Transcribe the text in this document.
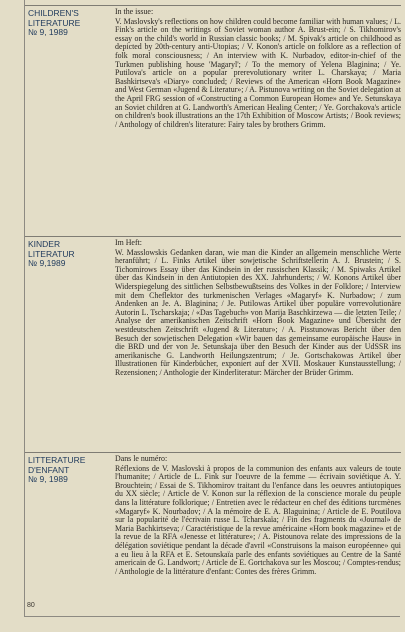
CHILDREN'S
LITERATURE
№ 9, 1989
In the issue:
V. Maslovsky's reflections on how children could become familiar with human values; / L. Fink's article on the writings of Soviet woman author A. Brust-ein; / S. Tikhomirov's essay on the child's world in Russian classic books; / M. Spivak's article on childhood as depicted by 20th-century anti-Utopias; / V. Konon's article on folklore as a reflection of folk moral consciousness; / An interview with K. Nurbadov, editor-in-chief of the Turkmen publishing house 'Magaryl'; / To the memory of Yelena Blaginina; / Ye. Putilova's article on a popular prerevolutionary writer L. Charskaya; / Maria Bashkirtseva's «Diary» concluded; / Reviews of the American «Horn Book Magazine» and West German «Jugend & Literatur»; / A. Pistunova writing on the Soviet delegation at the April FRG session of «Constructing a Common European Home» and Ye. Setunskaya an Soviet children at G. Landworth's American Healing Center; / Ye. Gorchakova's article on children's book illustrations an the 17th Exhibition of Moscow Artists; / Book reviews; / Anthology of children's literature: Fairy tales by brothers Grimm.
KINDER
LITERATUR
№ 9,1989
Im Heft:
W. Masslowskis Gedanken daran, wie man die Kinder an allgemein menschliche Werte heranführt; / L. Finks Artikel über sowjetische Schriftstellerin A. J. Brustein; / S. Tichomirows Essay über das Kindsein in der russischen Klassik; / M. Spiwaks Artikel über das Kindsein in den Antiutopien des XX. Jahrhunderts; / W. Konons Artikel über Widerspiegelung des sittlichen Selbstbewußtseins des Volkes in der Folklore; / Interview mit dem Cheflektor des turkmenischen Verlages «Magaryf» K. Nurbadow; / zum Andenken an Je. A. Blaginina; / Je. Putilowas Artikel über populäre vorrevolutionäre Autorin L. Tscharskaja; / «Das Tagebuch» von Marija Baschkirzewa — die letzten Teile; / Analyse der amerikanischen Zeitschrift «Horn Book Magazine» und Übersicht der westdeutschen Zeitschrift «Jugend & Literatur»; / A. Pisstunowas Bericht über den Besuch der sowjetischen Delegation «Wir bauen das gemeinsame europäische Haus» in die BRD und der von Je. Setunskaja über den Besuch der Kinder aus der UdSSR ins amerikanische G. Landworth Heilungszentrum; / Je. Gortschakowas Artikel über Illustrationen für Kinderbücher, exponiert auf der XVII. Moskauer Kunstausstellung; / Rezensionen; / Anthologie der Kinderliteratur: Märcher der Brüder Grimm.
LITTERATURE
D'ENFANT
№ 9, 1989
Dans le numéro:
Réflexions de V. Maslovski à propos de la communion des enfants aux valeurs de toute l'humanite; / Article de L. Fink sur l'oeuvre de la femme — écrivain soviétique A. Y. Brouchtein; / Essai de S. Tikhomirov traitant du l'enfance dans les oeuvres antiutopiques du XX siècle; / Article de V. Konon sur la réflexion de la conscience morale du peuple dans la littérature folklorique; / Entretien avec le rédacteur en chef des éditions turcmènes «Magaryf» K. Nourbadov; / A la mémoire de E. A. Blaguinina; / Article de E. Poutilova sur la popularité de l'écrivain russe L. Tcharskaïa; / Fin des fragments du «Journal» de Maria Bachkirtseva; / Caractéristique de la revue américaine «Horn book magazine» et de la revue de la RFA «Jenesse et littérature»; / A. Pistounova relate des impressions de la délégation soviétique pendant la décade d'avril «Construisons la maison européenne» qui a eu lieu à la RFA et E. Setounskaïa parle des enfants soviétiques au Centre de la Santé americain de G. Landwort; / Article de E. Gortchakova sur les Moscou; / Comptes-rendus; / Anthologie de la littérature d'enfant: Contes des frères Grimm.
80
